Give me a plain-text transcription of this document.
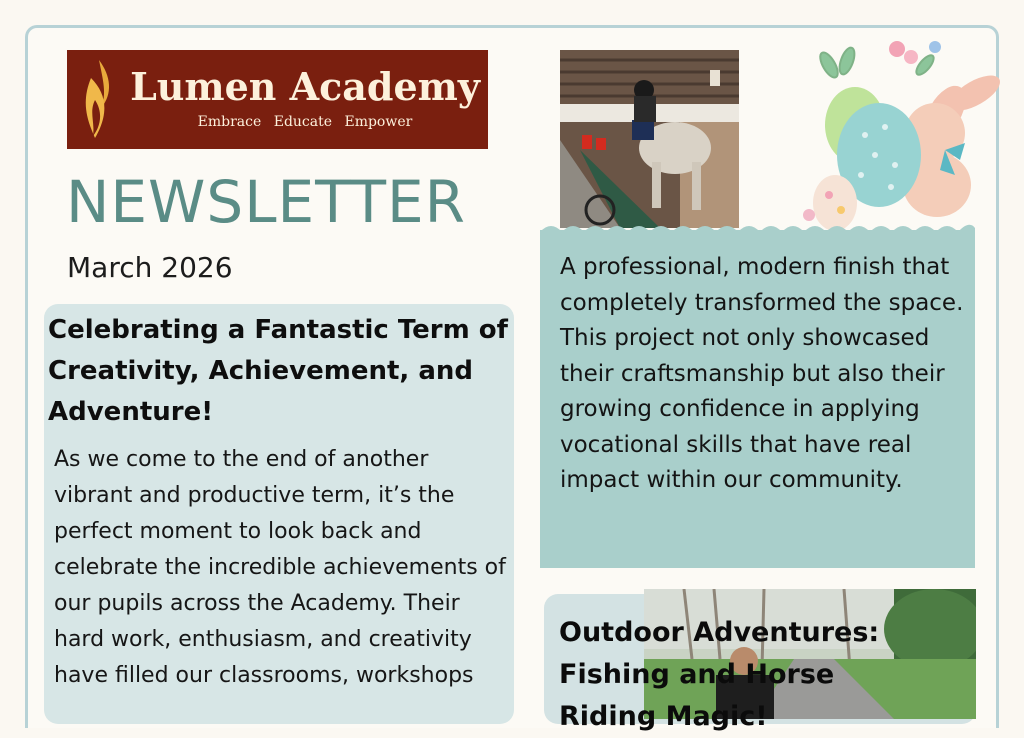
Lumen Academy
Embrace Educate Empower
NEWSLETTER
March 2026
Celebrating a Fantastic Term of Creativity, Achievement, and Adventure!

As we come to the end of another vibrant and productive term, it’s the perfect moment to look back and celebrate the incredible achievements of our pupils across the Academy. Their hard work, enthusiasm, and creativity have filled our classrooms, workshops

A professional, modern finish that completely transformed the space. This project not only showcased their craftsmanship but also their growing confidence in applying vocational skills that have real impact within our community.

Outdoor Adventures: Fishing and Horse Riding Magic!
